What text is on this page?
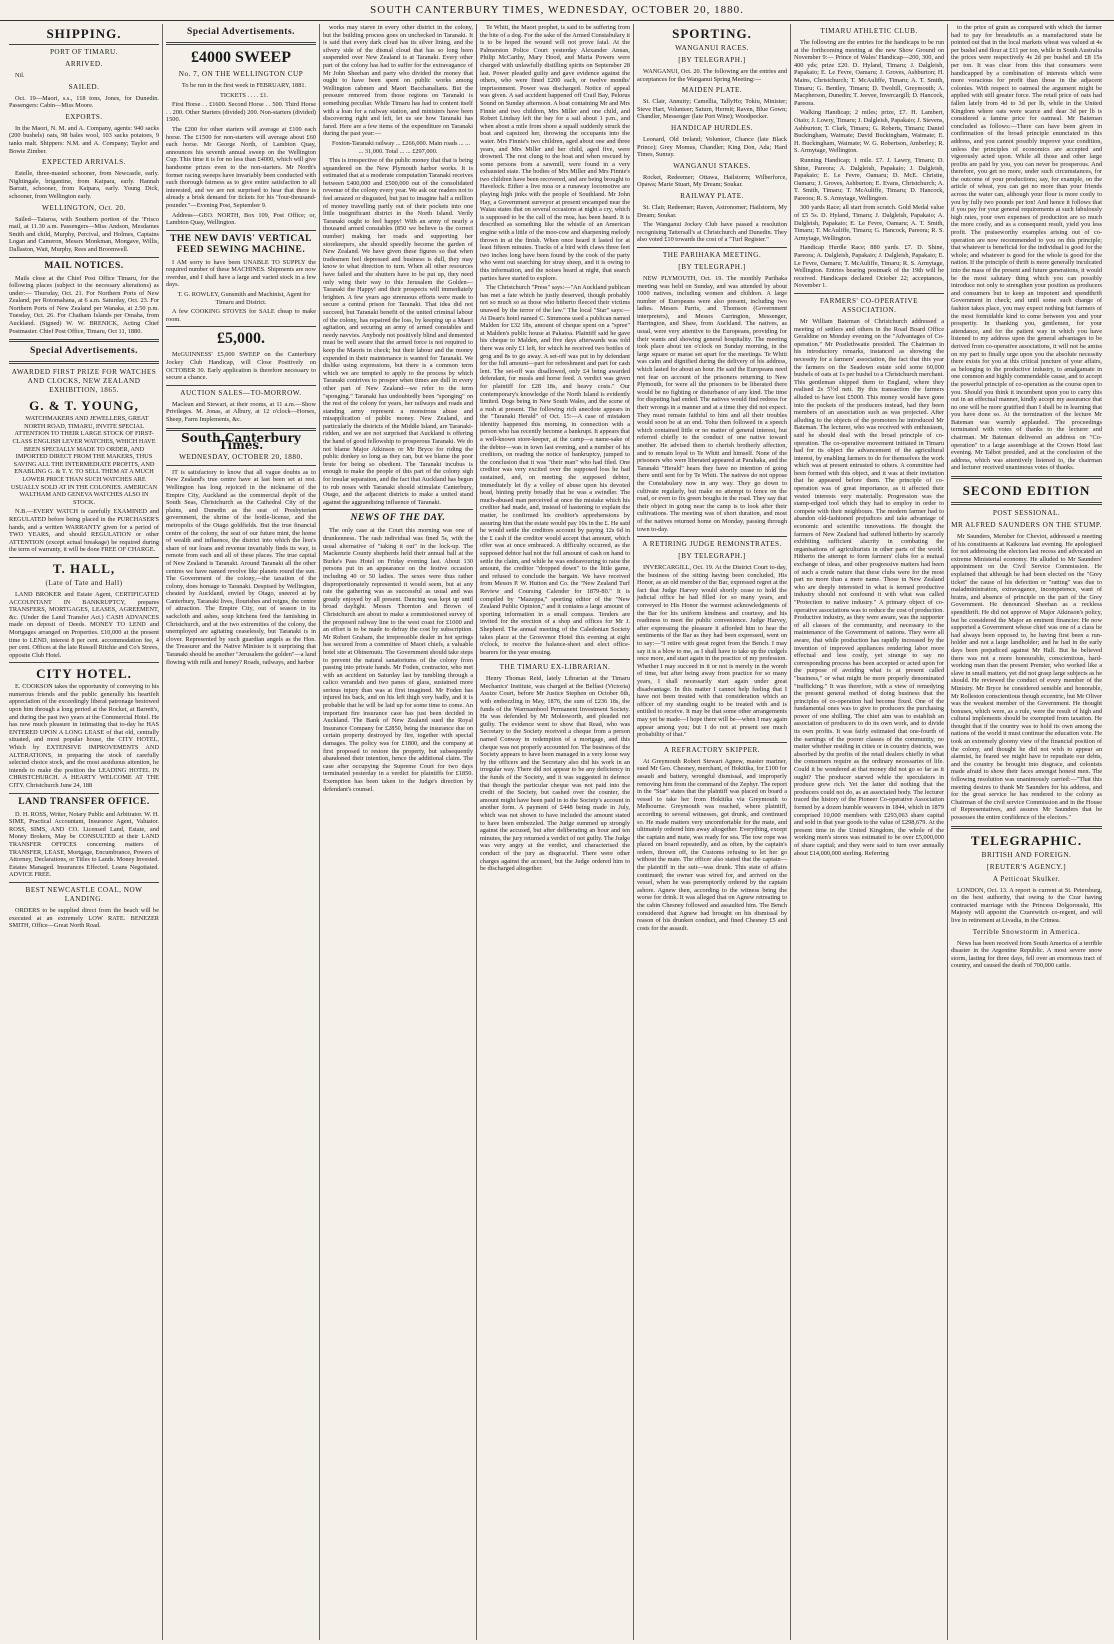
SOUTH CANTERBURY TIMES, WEDNESDAY, OCTOBER 20, 1880.
SHIPPING.
PORT OF TIMARU.
ARRIVED.
Nil.
SAILED.
Oct. 19—Maori, s.s., 118 tons, Jones, for Dunedin. Passengers: Cabin—Miss Moore.
EXPORTS.
In the Maori, N. M. and A. Company, agents: 940 sacks (200 bushels) oats, 98 bales wool, 103 sacks potatoes, 9 tanks malt. Shippers: N.M. and A. Company; Taylor and Bowie Zimber.
EXPECTED ARRIVALS.
Estelle, three-masted schooner, from Newcastle, early. Nightingale, brigantine, from Kaipara, early. Hannah Barratt, schooner, from Kaipara, early. Young Dick, schooner, from Wellington early.
WELLINGTON, Oct. 20.
Sailed—Taiaroa, with Southern portion of the 'Frisco mail, at 11.30 a.m. Passengers—Miss Andson, Mesdames Smith and child, Murphy, Percival, and Holmes, Captains Logan and Cameron, Messrs Monkman, Mongave, Willis, Dallaston, Watt, Murphy, Rees and Broomwell.
MAIL NOTICES.
Mails close at the Chief Post Office Timaru, for the following places (subject to the necessary alterations) as under:— Thursday, Oct. 21. For Northern Ports of New Zealand, per Rotomahana, at 6 a.m. Saturday, Oct. 23. For Northern Ports of New Zealand per Wanaka, at 2.50 p.m. Tuesday, Oct. 26. For Chatham Islands per Omaha, from Auckland. (Signed) W. W. BRENICK, Acting Chief Postmaster. Chief Post Office, Timaru, Oct 11, 1880.
Special Advertisements.
AWARDED FIRST PRIZE FOR WATCHES AND CLOCKS, NEW ZEALAND EXHIBITION, 1865.
G. & T. YOUNG,
WATCHMAKERS AND JEWELLERS, GREAT NORTH ROAD, TIMARU, INVITE SPECIAL ATTENTION TO THEIR LARGE STOCK OF FIRST-CLASS ENGLISH LEVER WATCHES, WHICH HAVE BEEN SPECIALLY MADE TO ORDER, AND IMPORTED DIRECT FROM THE MAKERS, THUS SAVING ALL THE INTERMEDIATE PROFITS, AND ENABLING G. & T. Y. TO SELL THEM AT A MUCH LOWER PRICE THAN SUCH WATCHES ARE USUALLY SOLD AT IN THE COLONIES. AMERICAN WALTHAM AND GENEVA WATCHES ALSO IN STOCK.
N.B.—EVERY WATCH is carefully EXAMINED and REGULATED before being placed in the PURCHASER'S hands, and a written WARRANTY given for a period of TWO YEARS, and should REGULATION or other ATTENTION (except actual breakage) be required during the term of warranty, it will be done FREE OF CHARGE.
T. HALL,
(Late of Tate and Hall)
LAND BROKER and Estate Agent, CERTIFICATED ACCOUNTANT IN BANKRUPTCY, prepares TRANSFERS, MORTGAGES, LEASES, AGREEMENT, &c. (Under the Land Transfer Act.) CASH ADVANCES made on deposit of Deeds. MONEY TO LEND and Mortgages arranged on Properties. £10,000 at the present time to LEND, interest 8 per cent. accommodation fee, 4 per cent. Offices at the late Russell Ritchie and Co's Stores, opposite Club Hotel.
CITY HOTEL.
E. COOKSON takes the opportunity of conveying to his numerous friends and the public generally his heartfelt appreciation of the exceedingly liberal patronage bestowed upon him through a long period at the Rocket, at Barrett's, and during the past two years at the Commercial Hotel. He has now much pleasure in intimating that to-day he HAS ENTERED UPON A LONG LEASE of that old, centrally situated, and most popular house, the CITY HOTEL, Which by EXTENSIVE IMPROVEMENTS AND ALTERATIONS, in preparing the stock of carefully selected choice stock, and the most assiduous attention, he intends to make the position the LEADING HOTEL IN CHRISTCHURCH. A HEARTY WELCOME AT THE CITY. Christchurch June 24, 188
LAND TRANSFER OFFICE.
D. H. ROSS, Writer, Notary Public and Arbitrator. W. H. SIME, Practical Accountant, Insurance Agent, Valuator. ROSS, SIMS, AND CO. Licensed Land, Estate, and Money Brokers, May be CONSULTED at their LAND TRANSFER OFFICES concerning matters of TRANSFER, LEASE, Mortgage, Encumbrance, Powers of Attorney, Declarations, or Titles to Lands. Money Invested. Estates Managed. Insurances Effected. Loans Negotiated. ADVICE FREE.
BEST NEWCASTLE COAL, NOW LANDING.
ORDERS to be supplied direct from the beach will be executed at an extremely LOW RATE. BENEZER SMITH, Office—Great North Road.
Special Advertisements.
£4000 SWEEP
No. 7, ON THE WELLINGTON CUP
To be run in the first week in FEBRUARY, 1881.
TICKETS . . . . £1.
First Horse . . £1600. Second Horse . . 500. Third Horse . . 200. Other Starters (divided) 200. Non-starters (divided) 1500.
The £200 for other starters will average at £100 each horse. The £1500 for non-starters will average about £60 each horse. Mr George North, of Lambton Quay, announces his seventh annual sweep on the Wellington Cup. This time it is for no less than £4000, which will give handsome prizes even to the non-starters. Mr North's former racing sweeps have invariably been conducted with such thorough fairness as to give entire satisfaction to all interested, and we are not surprised to hear that there is already a brisk demand for tickets for his "four-thousand-pounder."—Evening Post, September 9.
Address—GEO. NORTH, Box 109, Post Office; or, Lambton Quay, Wellington.
THE NEW DAVIS' VERTICAL FEED SEWING MACHINE.
I AM sorry to have been UNABLE TO SUPPLY the required number of these MACHINES. Shipments are now overdue, and I shall have a large and varied stock in a few days.
T. G. ROWLEY, Gunsmith and Machinist, Agent for Timaru and District.
A few COOKING STOVES for SALE cheap to make room.
£5,000.
McGUINNESS' £5,000 SWEEP on the Canterbury Jockey Club Handicap, will Close Positively on OCTOBER 30. Early application is therefore necessary to secure a chance.
AUCTION SALES—TO-MORROW.
Maclean and Stewart, at their rooms, at 11 a.m.—Show Privileges. M. Jonas, at Albury, at 12 o'clock—Horses, Sheep, Farm Implements, &c.
South Canterbury Times.
WEDNESDAY, OCTOBER 20, 1880.
IT is satisfactory to know that all vague doubts as to New Zealand's true centre have at last been set at rest. Wellington has long rejoiced in the nickname of the Empire City, Auckland as the commercial depôt of the South Seas, Christchurch as the Cathedral City of the plains, and Dunedin as the seat of Presbyterian government, the shrine of the bottle-license, and the metropolis of the Otago goldfields. But the true financial centre of the colony, the seat of our future mint, the home of wealth and influence, the district into which the lion's share of our loans and revenue invariably finds its way, is remote from each and all of these places. The true capital of New Zealand is Taranaki. Around Taranaki all the other centres we have named revolve like planets round the sun. The Government of the colony,—the taxation of the colony, does homage to Taranaki. Despised by Wellington, cheated by Auckland, envied by Otago, sneered at by Canterbury, Taranaki lives, flourishes and reigns, the centre of attraction. The Empire City, out of season in its sackcloth and ashes, soup kitchens feed the famishing in Christchurch, and at the two extremities of the colony, the unemployed are agitating ceaselessly, but Taranaki is in clover. Represented by such guardian angels as the Hon. the Treasurer and the Native Minister is it surprising that Taranaki should be another "Jerusalem the golden"—a land flowing with milk and honey? Roads, railways, and harbor
works may starve in every other district in the colony, but the building process goes on unchecked in Taranaki. It is said that every dark cloud has its silver lining, and the silvery side of the dismal cloud that has so long been suspended over New Zealand is at Taranaki. Every other part of the colony has had to suffer for the extravagance of Mr John Sheehan and party who divided the money that ought to have been spent on public works among Wellington cabmen and Maori Bacchanalians. But the pressure removed from those regions on Taranaki is something peculiar. While Timaru has had to content itself with a loan for a railway station, and ministers have been discovering right and left, let us see how Taranaki has fared. Here are a few items of the expenditure on Taranaki during the past year:—
Foxton-Taranaki railway ... £266,000. Main roads ... ... ... 31,000. Total ... ... £297,000.
This is irrespective of the public money that that is being squandered on the New Plymouth harbor works. It is estimated that at a moderate computation Taranaki receives between £400,000 and £500,000 out of the consolidated revenue of the colony every year. We ask our readers not to feel amazed or disgusted, but just to imagine half a million of money travelling partly out of their pockets into one little insignificant district in the North Island. Verily Taranaki ought to feel happy! With an army of nearly a thousand armed constables (850 we believe is the correct number) making her roads and supporting her storekeepers, she should speedily become the garden of New Zealand. We have given these figures so that when tradesmen feel depressed and business is dull, they may know to what direction to turn. When all other resources have failed and the shutters have to be put up, they need only wing their way to this Jerusalem the Golden—Taranaki the Happy! and their prospects will immediately brighten. A few years ago strenuous efforts were made to secure a central prison for Taranaki. That idea did not succeed, but Taranaki benefit of the united criminal labour of the colony, has repaired the loss, by keeping up a Maori agitation, and securing an army of armed constables and needy navvies. Anybody not positively blind and demented must be well aware that the armed force is not required to keep the Maoris in check; but their labour and the money expended in their maintenance is wanted for Taranaki. We dislike using expressions, but there is a common term which we are tempted to apply to the process by which Taranaki contrives to prosper when times are dull in every other part of New Zealand—we refer to the term "sponging." Taranaki has undoubtedly been "sponging" on the rest of the colony for years, her railways and roads and standing army represent a monstrous abuse and misapplication of public money. New Zealand, and particularly the districts of the Middle Island, are Taranaki-ridden, and we are not surprised that Auckland is offering the hand of good fellowship to prosperous Taranaki. We do not blame Major Atkinson or Mr Bryce for riding the public donkey so long as they can, but we blame the poor brute for being so obedient. The Taranaki incubus is enough to make the people of this part of the colony sigh for insular separation, and the fact that Auckland has begun to rub noses with Taranaki should stimulate Canterbury, Otago, and the adjacent districts to make a united stand against the aggrandising influence of Taranaki.
NEWS OF THE DAY.
The only case at the Court this morning was one of drunkenness. The rash individual was fined 5s, with the usual alternative of "taking it out" in the lock-up. The Mackenzie County shepherds held their annual ball at the Burke's Pass Hotel on Friday evening last. About 130 persons put in an appearance on the festive occasion including 40 or 50 ladies. The sexes were thus rather disproportionately represented it would seem, but at any rate the gathering was as successful as usual and was greatly enjoyed by all present. Dancing was kept up until broad daylight. Messrs Thornton and Brown of Christchurch are about to make a commissioned survey of the proposed railway line to the west coast for £1000 and an effort is to be made to defray the cost by subscription. Mr Robert Graham, the irrepressible dealer in hot springs has secured from a committee of Maori chiefs, a valuable hotel site at Ohinemutu. The Government should take steps to prevent the natural sanatoriums of the colony from passing into private hands. Mr Foden, contractor, who met with an accident on Saturday last by tumbling through a calico verandah and two panes of glass, sustained more serious injury than was at first imagined. Mr Foden has injured his back, and on his left thigh very badly, and it is probable that he will be laid up for some time to come. An important fire insurance case has just been decided in Auckland. The Bank of New Zealand sued the Royal Insurance Company for £2850, being the insurance due on certain property destroyed by fire, together with special damages. The policy was for £1800, and the company at first proposed to restore the property, but subsequently abandoned their intention, hence the additional claim. The case after occupying the Supreme Court for two days terminated yesterday in a verdict for plaintiffs for £1850. Exemption has been taken to the Judge's direction by defendant's counsel.
Te Whiti, the Maori prophet, is said to be suffering from the bite of a dog. For the sake of the Armed Constabulary it is to be hoped the wound will not prove fatal. At the Palmerston Police Court yesterday Alexander Annan, Philip McCarthy, Mary Hood, and Maria Powers were charged with unlawfully distilling spirits on September 28 last. Power pleaded guilty and gave evidence against the others, who were fined £200 each, or twelve months' imprisonment. Power was discharged. Notice of appeal was given. A sad accident happened off Crail Bay, Pelorus Sound on Sunday afternoon. A boat containing Mr and Mrs Finnie and two children, Mrs Miller and one child, and Robert Lindsay left the bay for a sail about 1 p.m., and when about a mile from shore a squall suddenly struck the boat and capsized her, throwing the occupants into the water. Mrs Finnie's two children, aged about one and three years, and Mrs Miller and her child, aged five, were drowned. The rest clung to the boat and when rescued by some persons from a sawmill, were found in a very exhausted state. The bodies of Mrs Miller and Mrs Finnie's two children have been recovered, and are being brought to Havelock. Either a live moa or a runaway locomotive are playing high jinks with the people of Southland. Mr John Hay, a Government surveyor at present encamped near the Waiau states that on several occasions at night a cry, which is supposed to be the call of the moa, has been heard. It is described as something like the whistle of an American engine with a little of the moo-cow and sharpening melody thrown in at the finish. When once heard it lasted for at least fifteen minutes. Tracks of a bird with claws three feet two inches long have been found by the cook of the party who went out searching for stray sheep, and it is owing to this information, and the noises heard at night, that search parties have started to explore.
The Christchurch "Press" says:—"An Auckland publican has met a fate which he justly deserved, though probably not so much so as those who hitherto fleeced their victims unawed by the terror of the law." The local "Star" says:—At Dean's hotel named C. Simmons used a publican named Malden for £32 18s, amount of cheque spent on a "spree" at Malden's public house at Pakatoa. Plaintiff said he gave his cheque to Malden, and five days afterwards was told there was only £1 left, for which he received two bottles of grog and 8s to go away. A set-off was put in by defendant for the full amount—part for refreshment and part for cash lent. The set-off was disallowed, only £4 being awarded defendant, for meals and horse feed. A verdict was given for plaintiff for £28 18s, and heavy costs." Our contemporary's knowledge of the North Island is evidently limited. Dogs being in New South Wales, and the scene of a rush at present. The following rich anecdote appears in the "Taranaki Herald" of Oct. 15:—A case of mistaken identity happened this morning, in connection with a person who has recently become a bankrupt. It appears that a well-known store-keeper, at the camp—a name-sake of the debtor—was in town last evening, and a number of his creditors, on reading the notice of bankruptcy, jumped to the conclusion that it was "their man" who had filed. One creditor was very excited over the supposed loss he had sustained, and, on meeting the supposed debtor, immediately let fly a volley of abuse upon his devoted head, hinting pretty broadly that he was a swindler. The much-abused man perceived at once the mistake which his creditor had made, and, instead of hastening to explain the matter, he confirmed his creditor's apprehensions by assuring him that the estate would pay 10s in the £. He said he would settle the creditors account by paying 12s 6d in the £ cash if the creditor would accept that amount, which offer was at once embraced. A difficulty occurred, as the supposed debtor had not the full amount of cash on hand to settle the claim, and while he was endeavouring to raise the amount, the creditor "dropped down" to the little game, and refused to conclude the bargain. We have received from Messrs P. W. Hutton and Co. the "New Zealand Turf Review and Coursing Calender for 1879-80." It is compiled by "Mazeppa," sporting editor of the "New Zealand Public Opinion," and it contains a large amount of sporting information in a small compass. Tenders are invited for the erection of a shop and offices for Mr J. Shepherd. The annual meeting of the Caledonian Society takes place at the Grosvenor Hotel this evening at eight o'clock, to receive the balance-sheet and elect office-bearers for the year ensuing.
THE TIMARU EX-LIBRARIAN.
Henry Thomas Reid, lately Librarian at the Timaru Mechanics' Institute, was charged at the Belfast (Victoria) Assize Court, before Mr Justice Stephen on October 6th, with embezzling in May, 1876, the sum of £236 18s, the funds of the Warrnambool Permanent Investment Society. He was defended by Mr Molesworth, and pleaded not guilty. The evidence went to show that Read, who was Secretary to the Society received a cheque from a person named Conway in redemption of a mortgage, and this cheque was not properly accounted for. The business of the Society appears to have been managed in a very loose way by the officers and the Secretary also did his work in an irregular way. There did not appear to be any deficiency in the funds of the Society, and it was suggested in defence that though the particular cheque was not paid into the credit of the Society, but cashed over the counter, the amount might have been paid in to the Society's account in another form. A payment of £448 being made in July, which was not shown to have included the amount stated to have been embezzled. The Judge summed up strongly against the accused, but after deliberating an hour and ten minutes, the jury returned a verdict of not guilty. The Judge was very angry at the verdict, and characterised the conduct of the jury as disgraceful. There were other charges against the accused, but the Judge ordered him to be discharged altogether.
SPORTING.
WANGANUI RACES.
[BY TELEGRAPH.]
WANGANUI, Oct. 20. The following are the entries and acceptances for the Wanganui Spring Meeting:—
MAIDEN PLATE.
St. Clair, Annuity; Camellia, TallyHo; Tokiu, Minister; Steve Hart, Volunteer; Saturn, Hermit; Raven, Blue Gown; Chandler, Messenger (late Port Wine); Woodpecker.
HANDICAP HURDLES.
Leonard, Old Ireland; Volunteer, Chance (late Black Prince); Grey Momus, Chandler; King Don, Ada; Hard Times, Sunray.
WANGANUI STAKES.
Rocket, Redeemer; Ottawa, Hailstorm; Wilberforce, Opawa; Marie Stuart, My Dream; Soukar.
RAILWAY PLATE.
St. Clair, Redeemer; Raven, Astronomer; Hailstorm, My Dream; Soukar.
The Wanganui Jockey Club have passed a resolution recognising Tattersall's at Christchurch and Dunedin. They also voted £10 towards the cost of a "Turf Register."
THE PARIHAKA MEETING.
[BY TELEGRAPH.]
NEW PLYMOUTH, Oct. 19. The monthly Parihaka meeting was held on Sunday, and was attended by about 1000 natives, including women and children. A large number of Europeans were also present, including two ladies. Messrs Parris, and Thomson (Government interpreters), and Messrs Carrington, Messenger, Harrington, and Shaw, from Auckland. The natives, as usual, were very attentive to the Europeans, providing for their wants and showing general hospitality. The meeting took place about ten o'clock on Sunday morning, in the large square or marae set apart for the meetings. Te Whiti was calm and dignified during the delivery of his address, which lasted for about an hour. He said the Europeans need not fear on account of the prisoners returning to New Plymouth, for were all the prisoners to be liberated there would be no fighting or disturbance of any kind. The time for disputing had ended. The natives would find redress for their wrongs in a manner and at a time they did not expect. They must remain faithful to him and all their troubles would soon be at an end. Tohu then followed in a speech which contained little or no matter of general interest, but referred chiefly to the conduct of one native toward another. He advised them to cherish brotherly affection, and to remain loyal to Te Whiti and himself. None of the prisoners who were liberated appeared at Parahaka, and the Taranaki "Herald" hears they have no intention of going there until sent for by Te Whiti. The natives do not oppose the Constabulary now in any way. They go down to cultivate regularly, but make no attempt to fence on the road, or even to fix green boughs in the road. They say that their object in going near the camp is to look after their cultivations. The meeting was of short duration, and most of the natives returned home on Monday, passing through town to-day.
A RETIRING JUDGE REMONSTRATES.
[BY TELEGRAPH.]
INVERCARGILL, Oct. 19. At the District Court to-day, the business of the sitting having been concluded, His Honor, as an old member of the Bar, expressed regret at the fact that Judge Harvey would shortly cease to hold the judicial office he had filled for so many years, and conveyed to His Honor the warmest acknowledgments of the Bar for his uniform kindness and courtesy, and his readiness to meet the public convenience. Judge Harvey, after expressing the pleasure it afforded him to hear the sentiments of the Bar as they had been expressed, went on to say:—"I retire with great regret from the Bench. I may say it is a blow to me, as I shall have to take up the cudgels once more, and start again in the practice of my profession. Whether I may succeed in it or not is merely in the womb of time, but after being away from practice for so many years, I shall necessarily start again under great disadvantage. In this matter I cannot help feeling that I have not been treated with that consideration which an officer of my standing ought to be treated with and is entitled to receive. It may be that some other arrangements may yet be made—I hope there will be—when I may again appear among you; but I do not at present see much probability of that."
A REFRACTORY SKIPPER.
At Greymouth Robert Stewart Agnew, master mariner, sued Mr Geo. Chesney, merchant, of Hokitika, for £100 for assault and battery, wrongful dismissal, and improperly removing him from the command of the Zephyr. The report in the "Star" states that the plaintiff was placed on board a vessel to take her from Hokitika via Greymouth to Melbourne. Greymouth was reached, where plaintiff, according to several witnesses, got drunk, and continued so. He made matters very uncomfortable for the mate, and ultimately ordered him away altogether. Everything, except the captain and mate, was ready for sea. The tow rope was placed on board repeatedly, and as often, by the captain's orders, thrown off, the Customs refusing to let her go without the mate. The officer also stated that the captain—the plaintiff in the suit—was drunk. This state of affairs continued; the owner was wired for, and arrived on the vessel, when he was peremptorily ordered by the captain ashore. Agnew then, according to the witness being the worse for drink. It was alleged that on Agnew retreating to the cabin Chesney followed and assaulted him. The Bench considered that Agnew had brought on his dismissal by reason of his drunken conduct, and fined Chesney £5 and costs for the assault.
TIMARU ATHLETIC CLUB.
The following are the entries for the handicaps to be run at the forthcoming meeting at the new Show Ground on November 9:— Prince of Wales' Handicap—200, 300, and 400 yds; prize £20. D. Hyland, Timaru; J. Dalgleish, Papakaio; E. Le Fevre, Oamaru; J. Groves, Ashburton; H. Mains, Christchurch; T. McAuliffe, Timaru; A. T. Smith, Timaru; G. Bentley, Timaru; D. Twohill, Greymouth; A. Macpherson, Dunedin; T. Jeevee, Invercargill; D. Hancock, Pareora.
Walking Handicap; 2 miles; prize, £7. H. Lambert, Otaio; J. Lowry, Timaru; J. Dalgleish, Papakaio; J. Stevens, Ashburton; T. Clark, Timaru; G. Roberts, Timaru; Daniel Buckingham, Waimate; David Buckingham, Waimate; E. H. Buckingham, Waimate; W. G. Robertson, Amberley; R. S. Armytage, Wellington.
Running Handicap; 1 mile. £7. J. Lawry, Timaru; D. Shine, Pareora; A. Dalgleish, Papakaio; J. Dalgleish, Papakaio; E. Le Fevre, Oamaru; D. McE. Christie, Oamaru; J. Groves, Ashburton; E. Evans, Christchurch; A. T. Smith, Timaru; T. McAuliffe, Timaru; D. Hancock, Pareora; R. S. Armytage, Wellington.
300 yards Race; all start from scratch. Gold Medal value of £5 5s. D. Hyland, Timaru; J. Dalgleish, Papakaio; A. Dalgleish, Papakaio; E. Le Fevre, Oamaru; A. T. Smith, Timaru; T. McAuliffe, Timaru; G. Hancock, Pareora; R. S. Armytage, Wellington.
Handicap Hurdle Race; 880 yards. £7. D. Shine, Pareora; A. Dalgleish, Papakaio; J. Dalgleish, Papakaio; E. Le Fevre, Oamaru; T. McAuliffe, Timaru; R. S. Armytage, Wellington. Entries bearing postmark of the 19th will be received. Handicaps declared October 22; acceptances, November 1.
FARMERS' CO-OPERATIVE ASSOCIATION.
Mr William Bateman of Christchurch addressed a meeting of settlers and others in the Road Board Office Geraldine on Monday evening on the "Advantages of Co-operation." Mr Postlethwaite presided. The Chairman in his introductory remarks, instanced as showing the necessity for a farmers' association, the fact that this year the farmers on the Seadown estate sold some 60,000 bushels of oats at 1s per bushel to a Christchurch merchant. This gentleman shipped them to England, where they realised 2s 5½d nett. By this transaction the farmers alluded to have lost £5000. This money would have gone into the pockets of the producers instead, had they been members of an association such as was projected. After alluding to the objects of the promoters he introduced Mr Bateman. The lecturer, who was received with enthusiasm, said he should deal with the broad principle of co-operation. The co-operative movement initiated in Timaru had for its object the advancement of the agricultural interest, by enabling farmers to do for themselves the work which was at present entrusted to others. A committee had been formed with this object, and it was at their invitation that he appeared before them. The principle of co-operation was of great importance, as it affected their vested interests very materially. Progression was the stamp-edged tool which they had to employ in order to compete with their neighbours. The modern farmer had to abandon old-fashioned prejudices and take advantage of economic and scientific innovations. He thought the farmers of New Zealand had suffered hitherto by scarcely exhibiting sufficient alacrity in combating the organisations of agriculturists in other parts of the world. Hitherto the attempt to form farmers' clubs for a mutual exchange of ideas, and other progressive matters had been of such a crude nature that these clubs were for the most part no more than a mere name. Those in New Zealand who are deeply interested in what is termed productive industry should not confound it with what was called "Protection to native industry." A primary object of co-operative associations was to reduce the cost of production. Productive industry, as they were aware, was the supporter of all classes of the community, and necessary to the maintenance of the Government of nations. They were all aware, that while production has rapidly increased by the invention of improved appliances rendering labor more effectual and less costly, yet strange to say no corresponding process has been accepted or acted upon for the purpose of avoiding what is at present called "business," or what might be more properly denominated "trafficking." It was therefore, with a view of remedying the present general method of doing business that the principles of co-operation had become fixed. One of the fundamental ones was to give to producers the purchasing power of one shilling. The chief aim was to establish an association of producers to do its own work, and to divide its own profits. It was fairly estimated that one-fourth of the earnings of the poorer classes of the community, no matter whether residing in cities or in country districts, was absorbed by the profits of the retail dealers chiefly in what the consumers require as the ordinary necessaries of life. Could it be wondered at that money did not go so far as it ought? The producer starved while the speculators in produce grew rich. Yet the latter did nothing that the producers could not do, as an associated body. The lecturer traced the history of the Pioneer Co-operative Association formed by a dozen humble weavers in 1844, which in 1879 comprised 10,000 members with £293,063 share capital and sold in that year goods to the value of £298,679. At the present time in the United Kingdom, the whole of the working men's stores was estimated to be over £5,000,000 of share capital; and they were said to turn over annually about £14,000,000 sterling. Referring
to the price of grain as compared with which the farmer had to pay for breadstuffs as a manufactured state he pointed out that in the local markets wheat was valued at 4s per bushel and flour at £11 per ton, while in South Australia the prices were respectively 4s 2d per bushel and £8 15s per ton. It was clear from this that consumers were handicapped by a combination of interests which were more voracious for profit than those in the adjacent colonies. With respect to oatmeal the argument might be applied with still greater force. The retail price of oats had fallen lately from 4d to 3d per lb, while in the United Kingdom where oats were scarce and dear 3d per lb is considered a famine price for oatmeal. Mr Bateman concluded as follows:—There can have been given in confirmation of the broad principle enunciated in this address, and you cannot possibly improve your condition, unless the principles of economics are accepted and vigorously acted upon. While all those and other large profits are paid by you, you can never be prosperous. And therefore, you get no more, under such circumstances, for the outcome of your productions; say, for example, on the article of wheat, you can get no more than your friends across the water can, although your flour is more costly to you by fully two pounds per ton! And hence it follows that if you pay for your general requirements at such fabulously high rates, your own expenses of production are so much the more costly, and as a consequent result, yield you less profit. The praiseworthy examples arising out of co-operation are now recommended to you on this principle; that whatever is beneficial for the individual is good for the whole; and whatever is good for the whole is good for the nation. If the principle of thrift is more generally inculcated into the mass of the present and future generations, it would be the most salutary thing which you can possibly introduce not only to strengthen your position as producers and consumers but to keep an impotent and spendthrift Government in check; and until some such change of fashion takes place, you may expect nothing but farmers of the most formidable kind to come between you and your prosperity. In thanking you, gentlemen, for your attendance, and for the patient way in which you have listened to my address upon the general advantages to be derived from co-operative associations, it will not be amiss on my part to finally urge upon you the absolute necessity there exists for you at this critical juncture of your affairs, as belonging to the productive industry, to amalgamate in one common and highly commendable cause, and to accept the powerful principle of co-operation as the course open to you. Should you think it incumbent upon you to carry this out in an effectual manner, kindly accept my assurance that no one will be more gratified than I shall be in learning that you have done so. At the termination of the lecture Mr Bateman was warmly applauded. The proceedings terminated with votes of thanks to the lecturer and chairman. Mr Bateman delivered an address on "Co-operation" to a large assemblage at the Crown Hotel last evening. Mr Talbot presided, and at the conclusion of the address, which was attentively listened to, the chairman and lecturer received unanimous votes of thanks.
SECOND EDITION
POST SESSIONAL.
MR ALFRED SAUNDERS ON THE STUMP.
Mr Saunders, Member for Cheviot, addressed a meeting of his constituents at Kaikoura last evening. He apologised for not addressing the electors last recess and advocated an extreme Ministerial economy. He alluded to Mr Saunders' appointment on the Civil Service Commission. He explained that although he had been elected on the "Grey ticket" the cause of his defection or "ratting" was due to maladministration, extravagance, incompetence, want of brains, and absence of principle on the part of the Grey Government. He denounced Sheehan as a reckless spendthrift. He did not approve of Major Atkinson's policy, but he considered the Major an eminent financier. He now supported a Government whose chief was one of a class he had always been opposed to, he having first been a run-holder and not a large landholder; and he had in the early days been prejudiced against Mr Hall. But he believed there was not a more honourable, conscientious, hard-working man than the present Premier, who worked like a slave in small matters, yet did not grasp large subjects as he should. He reviewed the conduct of every member of the Ministry. Mr Bryce he considered sensible and honorable, Mr Rolleston conscientious though eccentric, but Mr Oliver was the weakest member of the Government. He thought bonuses, which were, as a rule, were the result of high and cultural implements should be exempted from taxation. He thought that if the country was to hold its own among the nations of the world it must continue the education vote. He took an extremely gloomy view of the financial position of the colony, and thought he did not wish to appear an alarmist, he feared we might have to repudiate our debts, and the country be brought into disgrace, and colonists made afraid to show their faces amongst honest men. The following resolution was unanimously carried:—"That this meeting desires to thank Mr Saunders for his address, and for the great service he has rendered to the colony as Chairman of the civil service Commission and in the House of Representatives, and assures Mr Saunders that he possesses the entire confidence of the electors."
TELEGRAPHIC.
BRITISH AND FOREIGN.
[REUTER'S AGENCY.]
A Petticoat Skulker.
LONDON, Oct. 13. A report is current at St. Petersburg, on the best authority, that owing to the Czar having contracted marriage with the Princess Dolgorouski, His Majesty will appoint the Czarewitch co-regent, and will live in retirement at Livadia, in the Crimea.
Terrible Snowstorm in America.
News has been received from South America of a terrible disaster in the Argentine Republic. A most severe snow storm, lasting for three days, fell over an enormous tract of country, and caused the death of 700,000 cattle.
